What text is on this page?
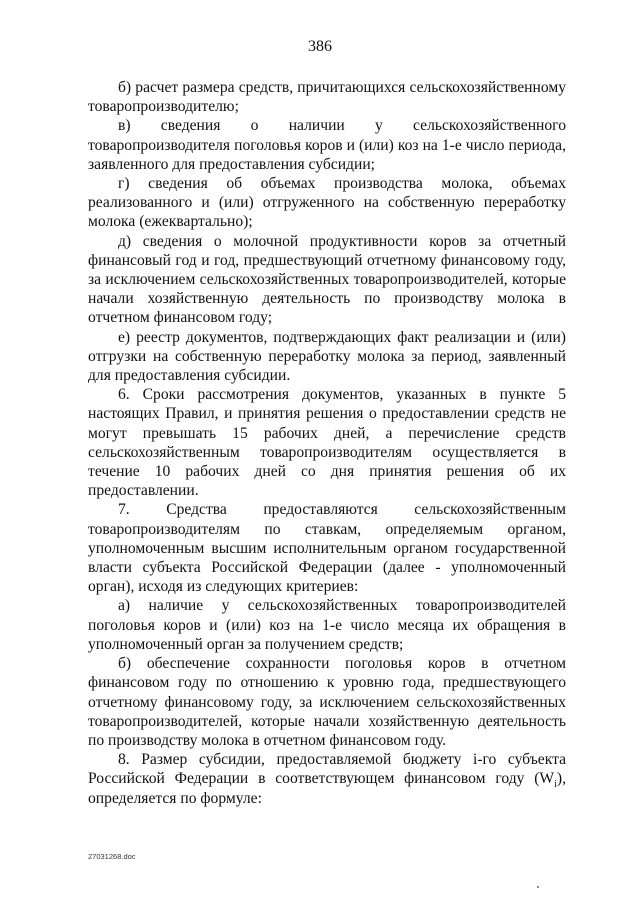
386

б) расчет размера средств, причитающихся сельскохозяйственному товаропроизводителю;

в) сведения о наличии у сельскохозяйственного товаропроизводителя поголовья коров и (или) коз на 1-е число периода, заявленного для предоставления субсидии;

г) сведения об объемах производства молока, объемах реализованного и (или) отгруженного на собственную переработку молока (ежеквартально);

д) сведения о молочной продуктивности коров за отчетный финансовый год и год, предшествующий отчетному финансовому году, за исключением сельскохозяйственных товаропроизводителей, которые начали хозяйственную деятельность по производству молока в отчетном финансовом году;

е) реестр документов, подтверждающих факт реализации и (или) отгрузки на собственную переработку молока за период, заявленный для предоставления субсидии.

6. Сроки рассмотрения документов, указанных в пункте 5 настоящих Правил, и принятия решения о предоставлении средств не могут превышать 15 рабочих дней, а перечисление средств сельскохозяйственным товаропроизводителям осуществляется в течение 10 рабочих дней со дня принятия решения об их предоставлении.

7. Средства предоставляются сельскохозяйственным товаропроизводителям по ставкам, определяемым органом, уполномоченным высшим исполнительным органом государственной власти субъекта Российской Федерации (далее - уполномоченный орган), исходя из следующих критериев:

а) наличие у сельскохозяйственных товаропроизводителей поголовья коров и (или) коз на 1-е число месяца их обращения в уполномоченный орган за получением средств;

б) обеспечение сохранности поголовья коров в отчетном финансовом году по отношению к уровню года, предшествующего отчетному финансовому году, за исключением сельскохозяйственных товаропроизводителей, которые начали хозяйственную деятельность по производству молока в отчетном финансовом году.

8. Размер субсидии, предоставляемой бюджету i-го субъекта Российской Федерации в соответствующем финансовом году $(W_i)$, определяется по формуле:

27031268.doc
